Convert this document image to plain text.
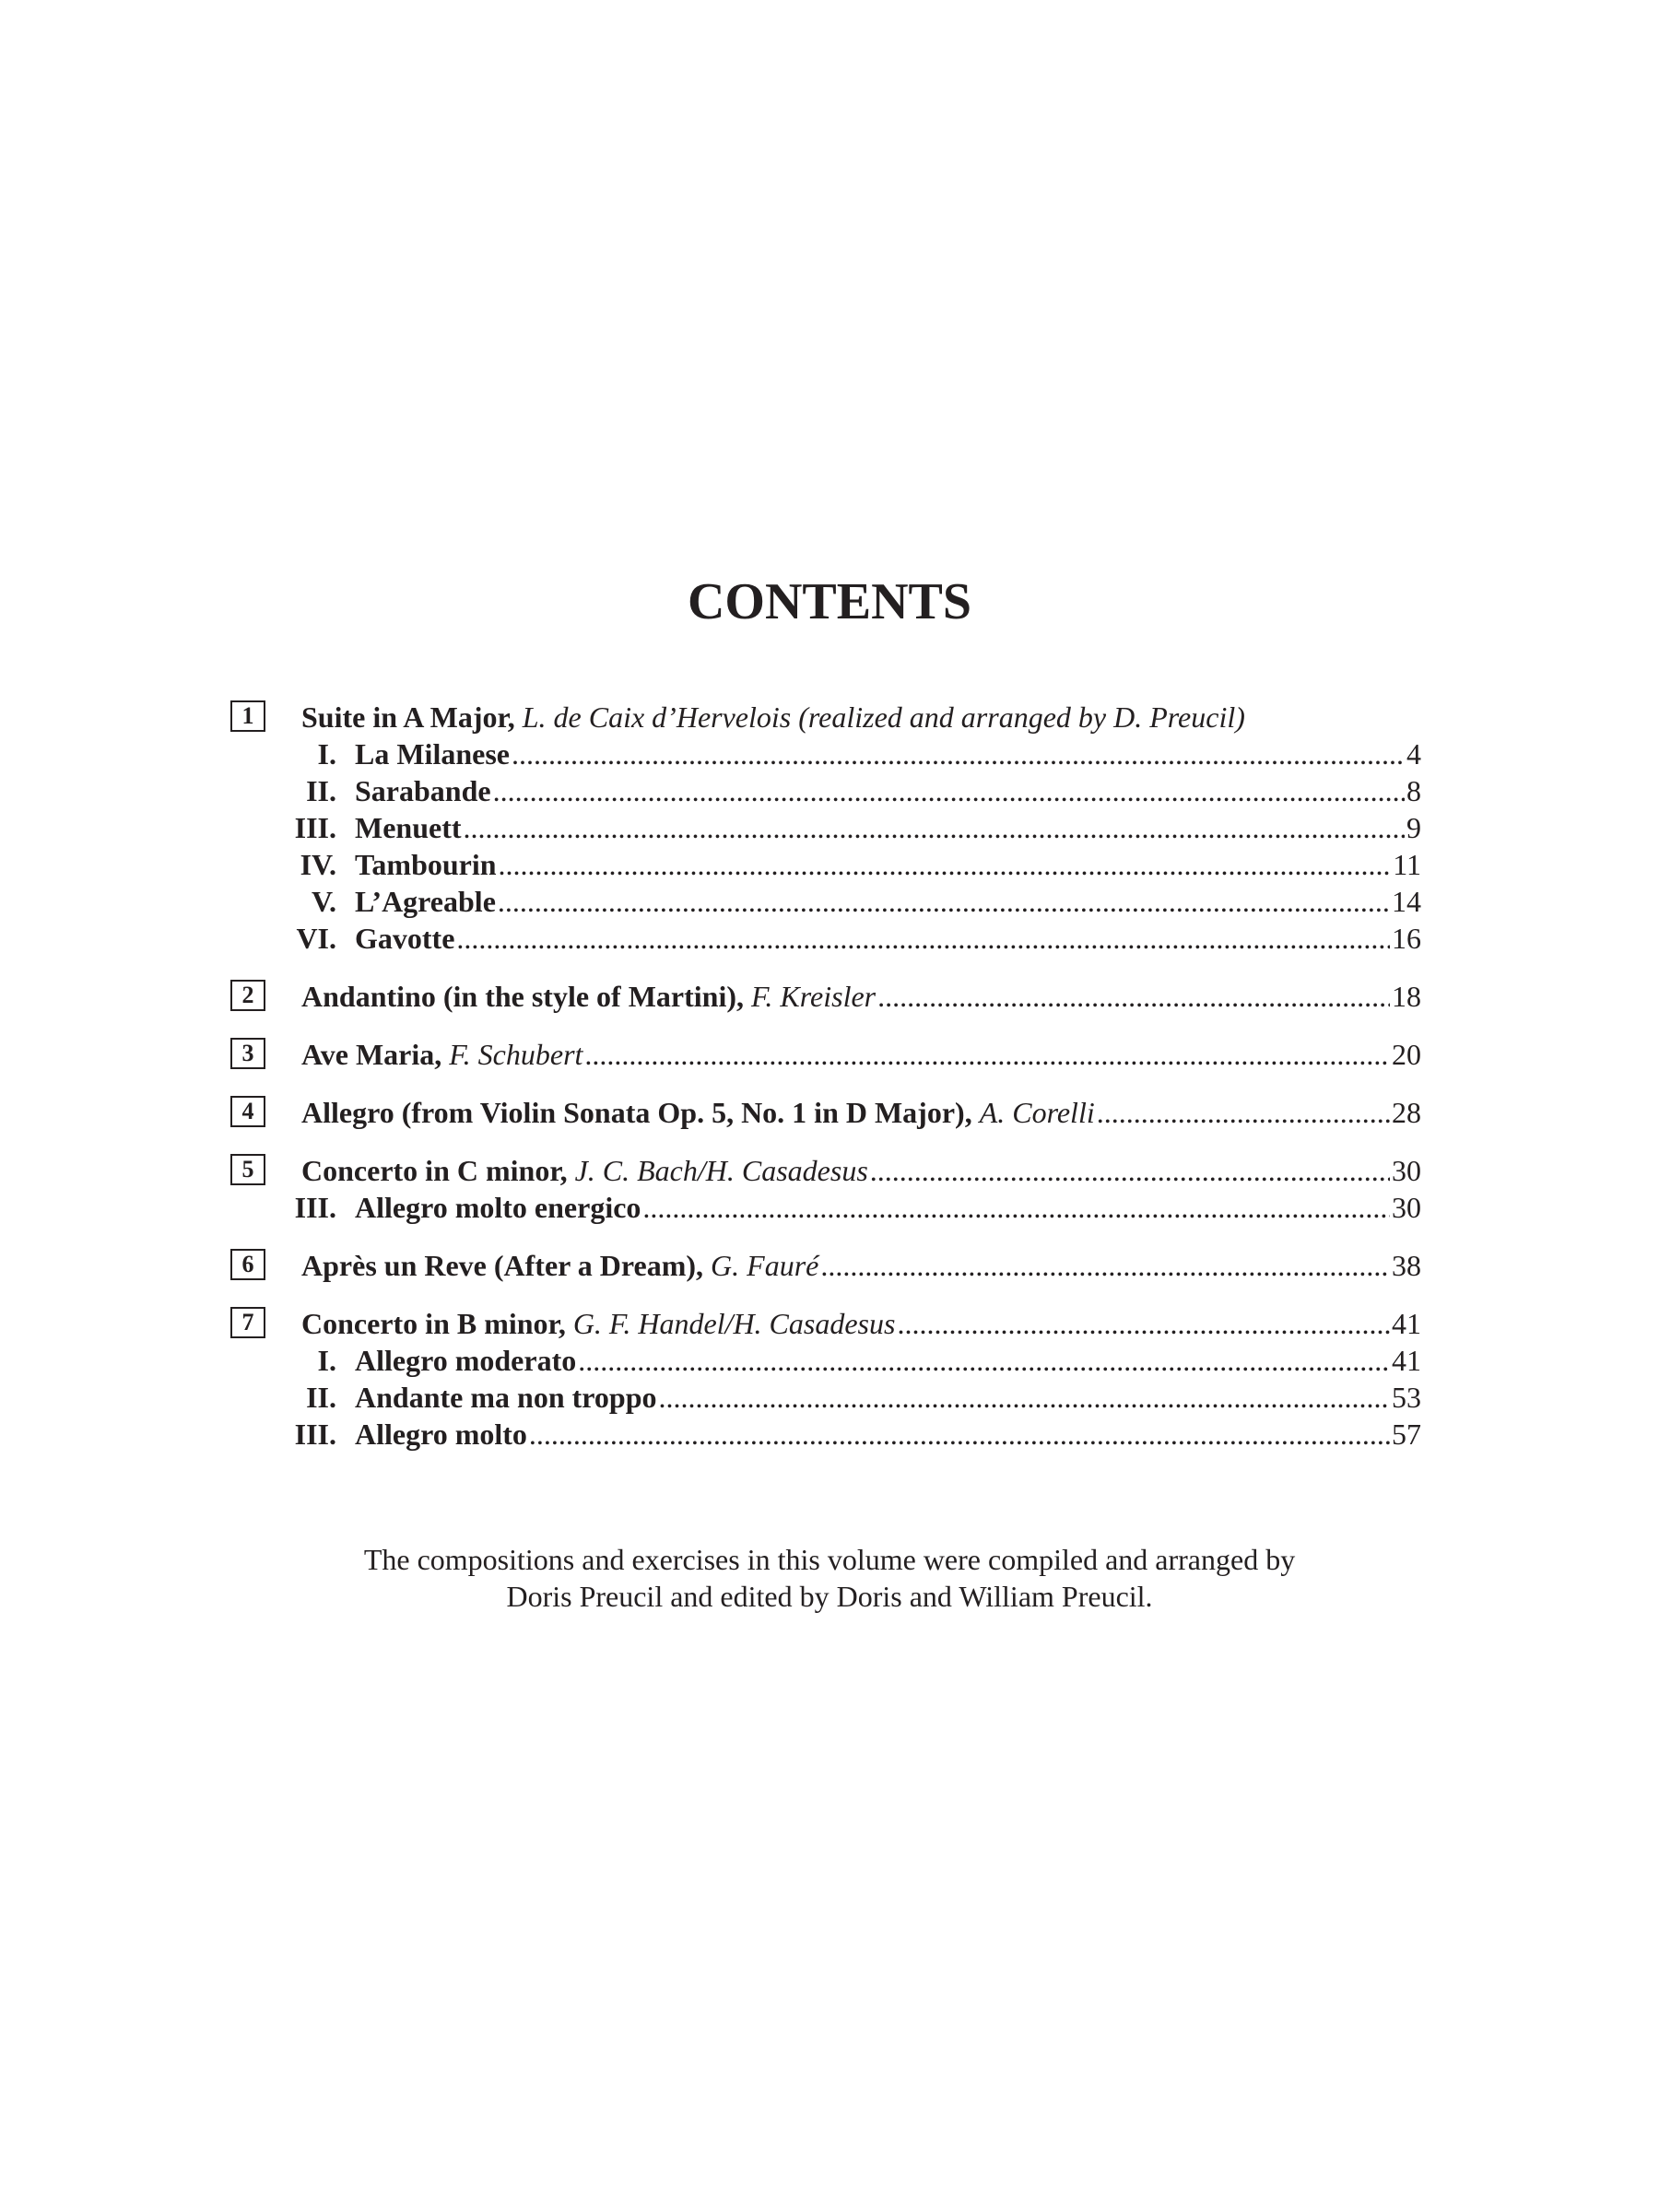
CONTENTS
1	Suite in A Major, L. de Caix d’Hervelois (realized and arranged by D. Preucil)
I. La Milanese .....	4
II. Sarabande .....	8
III. Menuett .....	9
IV. Tambourin .....	11
V. L’Agreable .....	14
VI. Gavotte .....	16
2	Andantino (in the style of Martini), F. Kreisler .....	18
3	Ave Maria, F. Schubert .....	20
4	Allegro (from Violin Sonata Op. 5, No. 1 in D Major), A. Corelli .....	28
5	Concerto in C minor, J. C. Bach/H. Casadesus .....	30
III. Allegro molto energico .....	30
6	Après un Reve (After a Dream), G. Fauré .....	38
7	Concerto in B minor, G. F. Handel/H. Casadesus .....	41
I. Allegro moderato .....	41
II. Andante ma non troppo .....	53
III. Allegro molto .....	57

The compositions and exercises in this volume were compiled and arranged by

Doris Preucil and edited by Doris and William Preucil.
